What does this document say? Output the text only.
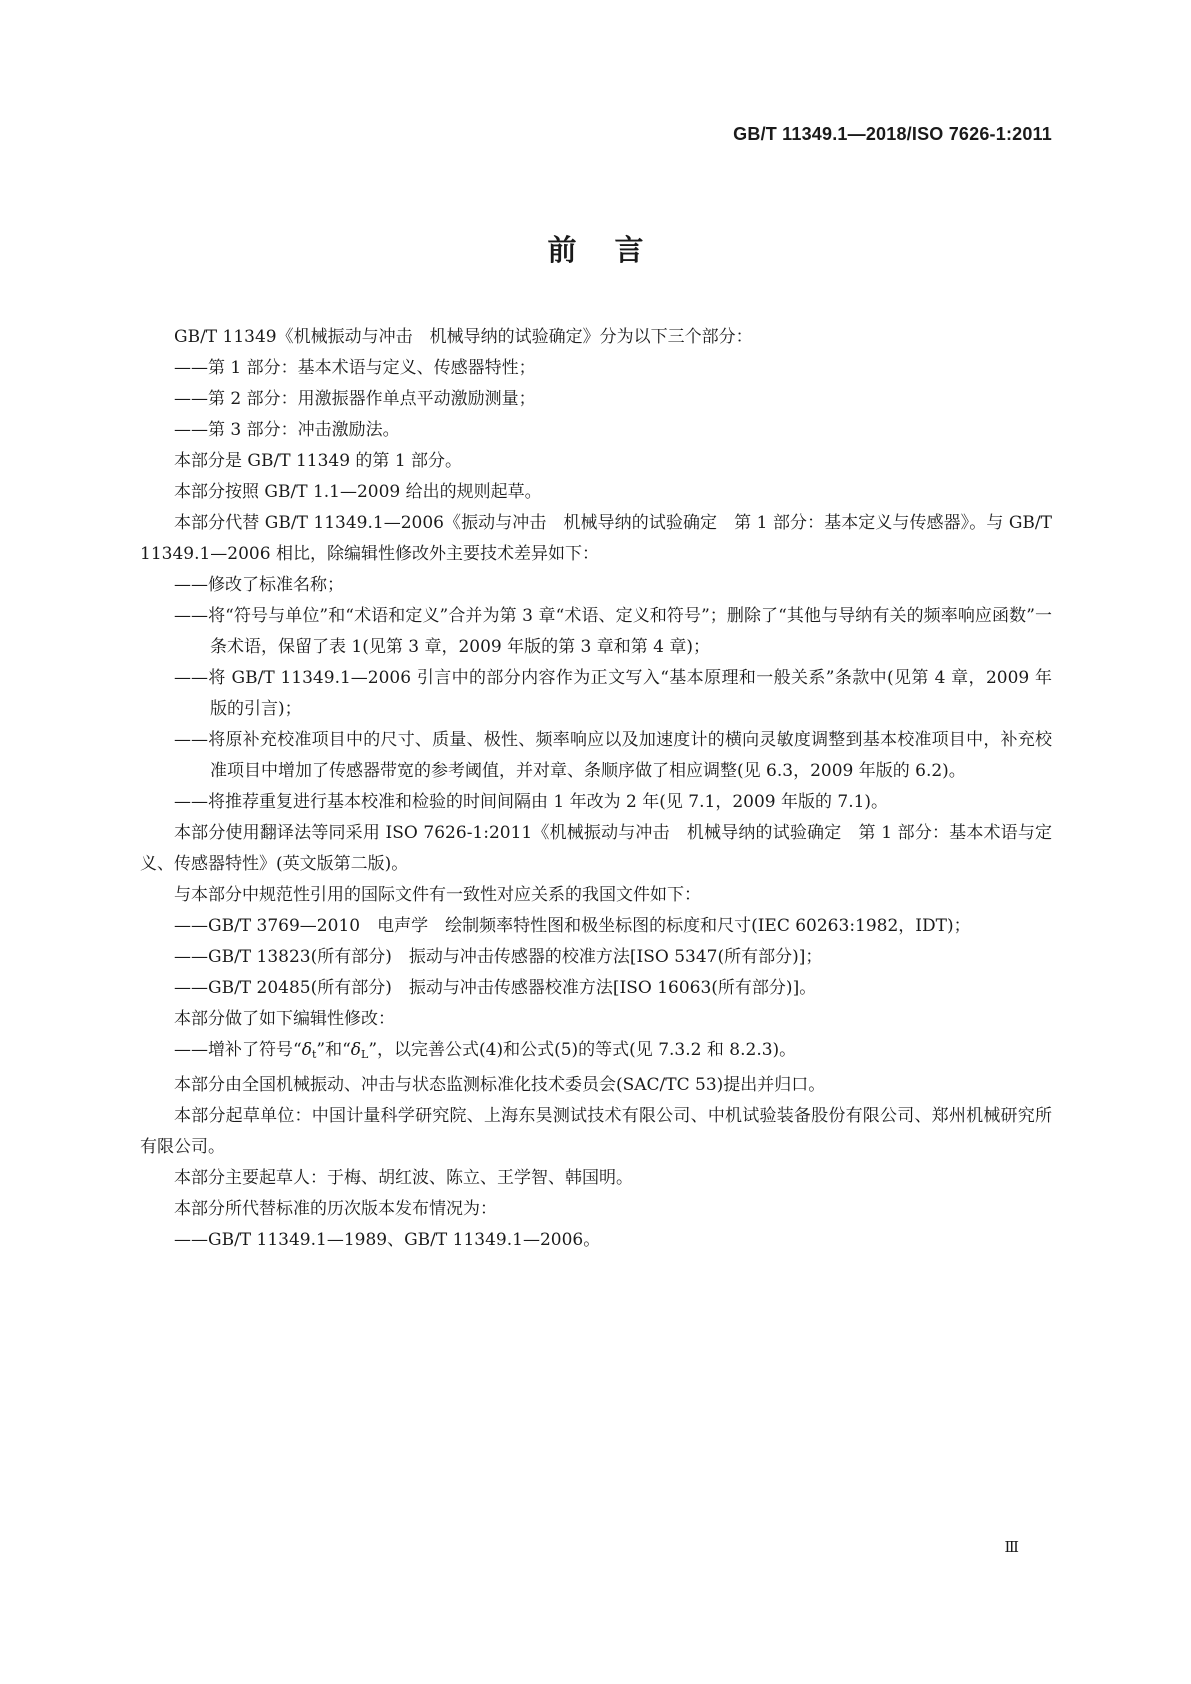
GB/T 11349.1—2018/ISO 7626-1:2011
前言

GB/T 11349《机械振动与冲击　机械导纳的试验确定》分为以下三个部分：

——第 1 部分：基本术语与定义、传感器特性；

——第 2 部分：用激振器作单点平动激励测量；

——第 3 部分：冲击激励法。

本部分是 GB/T 11349 的第 1 部分。

本部分按照 GB/T 1.1—2009 给出的规则起草。

本部分代替 GB/T 11349.1—2006《振动与冲击　机械导纳的试验确定　第 1 部分：基本定义与传感器》。与 GB/T 11349.1—2006 相比，除编辑性修改外主要技术差异如下：

——修改了标准名称；

——将“符号与单位”和“术语和定义”合并为第 3 章“术语、定义和符号”；删除了“其他与导纳有关的频率响应函数”一条术语，保留了表 1(见第 3 章，2009 年版的第 3 章和第 4 章)；

——将 GB/T 11349.1—2006 引言中的部分内容作为正文写入“基本原理和一般关系”条款中(见第 4 章，2009 年版的引言)；

——将原补充校准项目中的尺寸、质量、极性、频率响应以及加速度计的横向灵敏度调整到基本校准项目中，补充校准项目中增加了传感器带宽的参考阈值，并对章、条顺序做了相应调整(见 6.3，2009 年版的 6.2)。

——将推荐重复进行基本校准和检验的时间间隔由 1 年改为 2 年(见 7.1，2009 年版的 7.1)。

本部分使用翻译法等同采用 ISO 7626-1:2011《机械振动与冲击　机械导纳的试验确定　第 1 部分：基本术语与定义、传感器特性》(英文版第二版)。

与本部分中规范性引用的国际文件有一致性对应关系的我国文件如下：

——GB/T 3769—2010　电声学　绘制频率特性图和极坐标图的标度和尺寸(IEC 60263:1982，IDT)；

——GB/T 13823(所有部分)　振动与冲击传感器的校准方法[ISO 5347(所有部分)]；

——GB/T 20485(所有部分)　振动与冲击传感器校准方法[ISO 16063(所有部分)]。

本部分做了如下编辑性修改：

——增补了符号“$\delta_t$”和“$\delta_L$”，以完善公式(4)和公式(5)的等式(见 7.3.2 和 8.2.3)。

本部分由全国机械振动、冲击与状态监测标准化技术委员会(SAC/TC 53)提出并归口。

本部分起草单位：中国计量科学研究院、上海东昊测试技术有限公司、中机试验装备股份有限公司、郑州机械研究所有限公司。

本部分主要起草人：于梅、胡红波、陈立、王学智、韩国明。

本部分所代替标准的历次版本发布情况为：

——GB/T 11349.1—1989、GB/T 11349.1—2006。

Ⅲ
